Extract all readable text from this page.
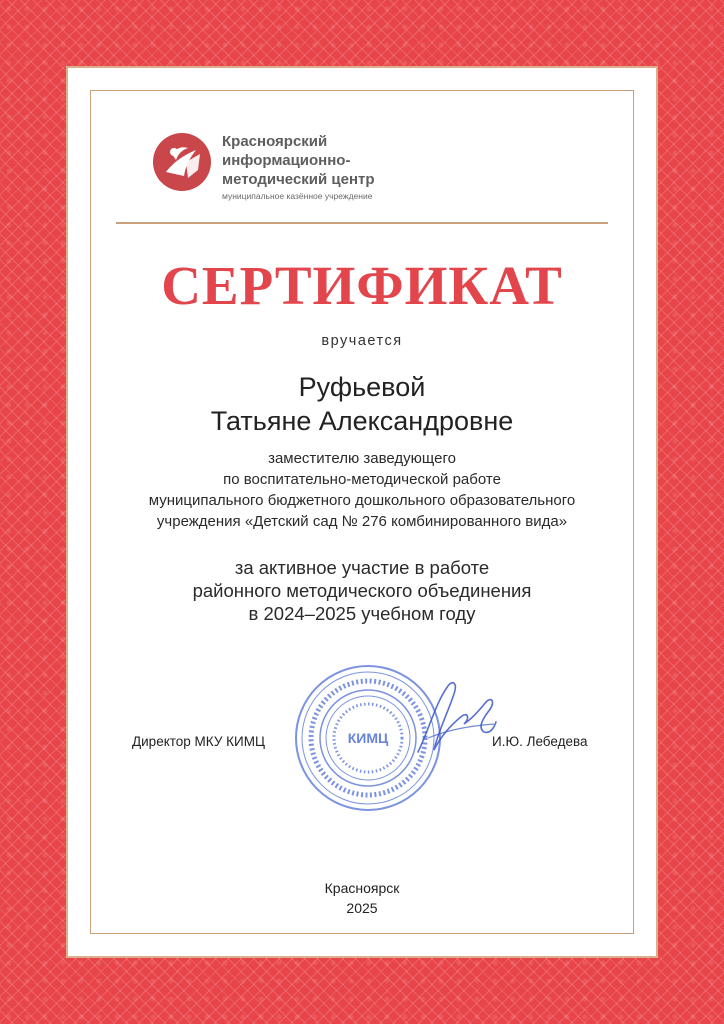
Красноярский
информационно-
методический центр
муниципальное казённое учреждение
СЕРТИФИКАТ
вручается
Руфьевой
Татьяне Александровне
заместителю заведующего
по воспитательно-методической работе
муниципального бюджетного дошкольного образовательного
учреждения «Детский сад № 276 комбинированного вида»
за активное участие в работе
районного методического объединения
в 2024–2025 учебном году
КИМЦ
Директор МКУ КИМЦ	И.Ю. Лебедева
Красноярск
2025
